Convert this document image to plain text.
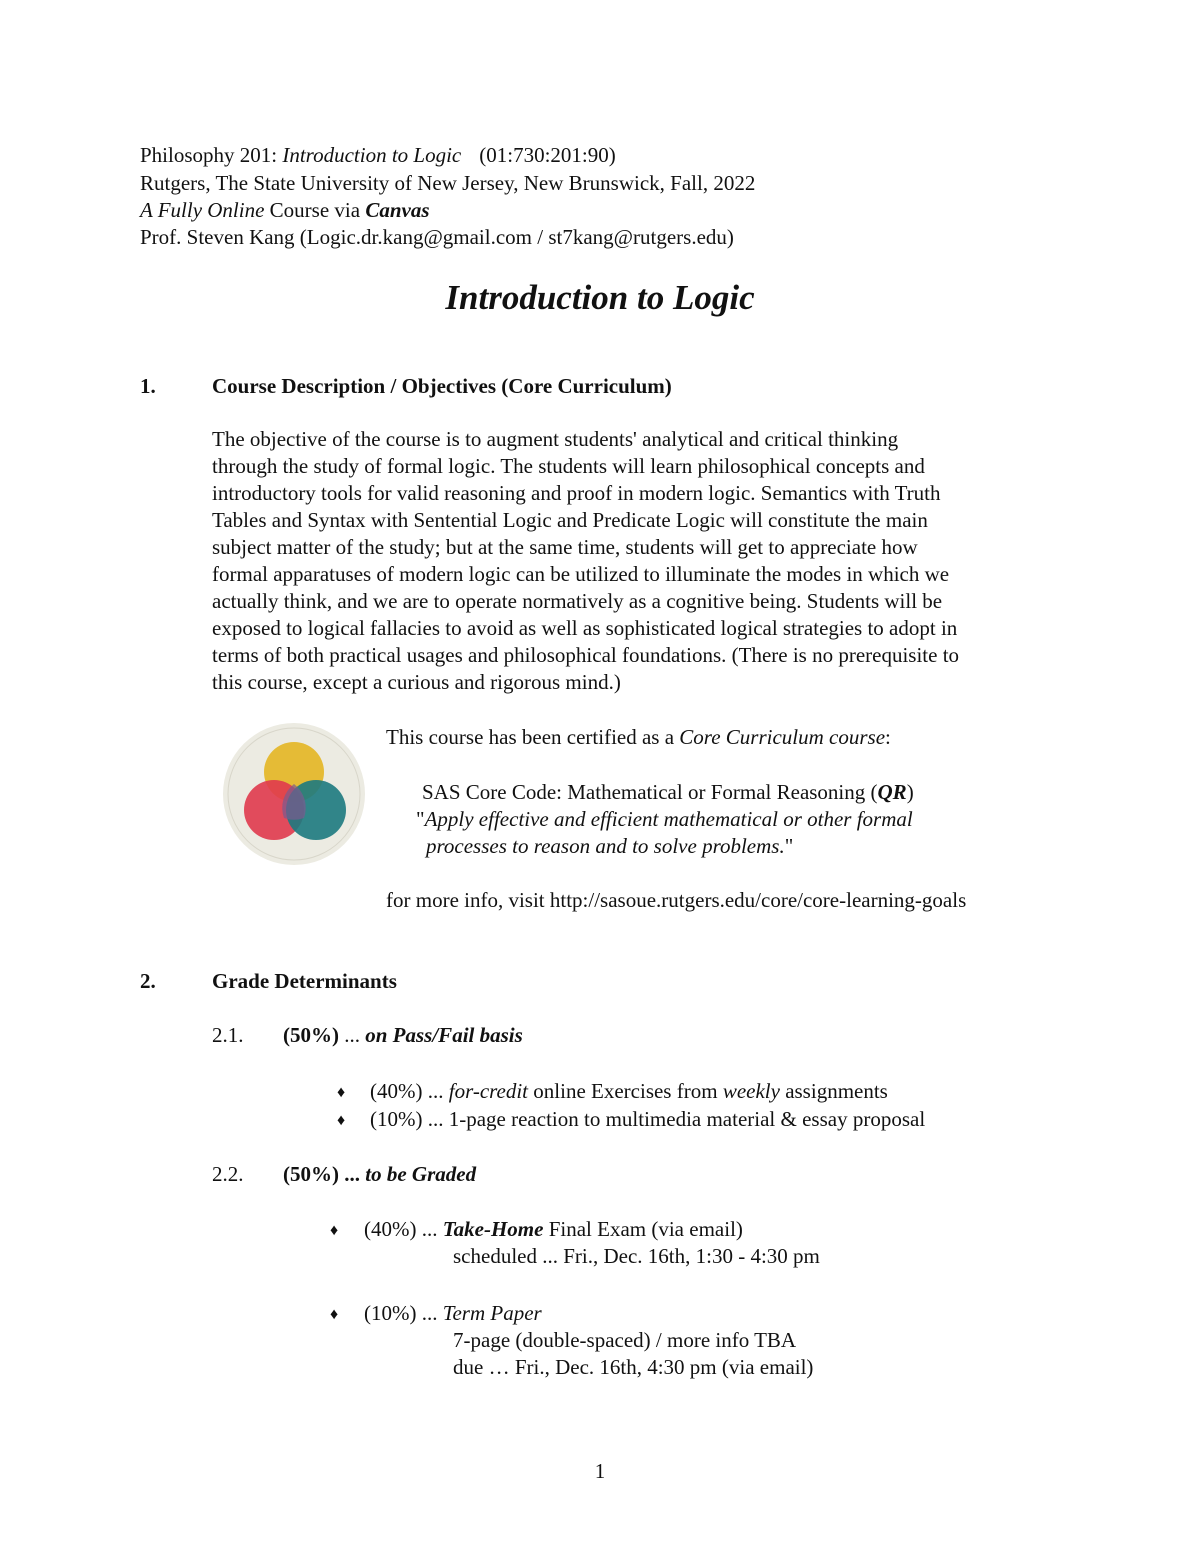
Philosophy 201: Introduction to Logic (01:730:201:90)
Rutgers, The State University of New Jersey, New Brunswick, Fall, 2022
A Fully Online Course via Canvas
Prof. Steven Kang (Logic.dr.kang@gmail.com / st7kang@rutgers.edu)
Introduction to Logic
1.	Course Description / Objectives (Core Curriculum)
The objective of the course is to augment students' analytical and critical thinking
through the study of formal logic. The students will learn philosophical concepts and
introductory tools for valid reasoning and proof in modern logic. Semantics with Truth
Tables and Syntax with Sentential Logic and Predicate Logic will constitute the main
subject matter of the study; but at the same time, students will get to appreciate how
formal apparatuses of modern logic can be utilized to illuminate the modes in which we
actually think, and we are to operate normatively as a cognitive being. Students will be
exposed to logical fallacies to avoid as well as sophisticated logical strategies to adopt in
terms of both practical usages and philosophical foundations. (There is no prerequisite to
this course, except a curious and rigorous mind.)
This course has been certified as a Core Curriculum course:
SAS Core Code: Mathematical or Formal Reasoning (QR)
"Apply effective and efficient mathematical or other formal
processes to reason and to solve problems."
for more info, visit http://sasoue.rutgers.edu/core/core-learning-goals
2.	Grade Determinants
2.1. (50%) ... on Pass/Fail basis
♦ (40%) ... for-credit online Exercises from weekly assignments
♦ (10%) ... 1-page reaction to multimedia material & essay proposal
2.2. (50%) ... to be Graded
♦ (40%) ... Take-Home Final Exam (via email)
scheduled ... Fri., Dec. 16th, 1:30 - 4:30 pm
♦ (10%) ... Term Paper
7-page (double-spaced) / more info TBA
due … Fri., Dec. 16th, 4:30 pm (via email)
1
